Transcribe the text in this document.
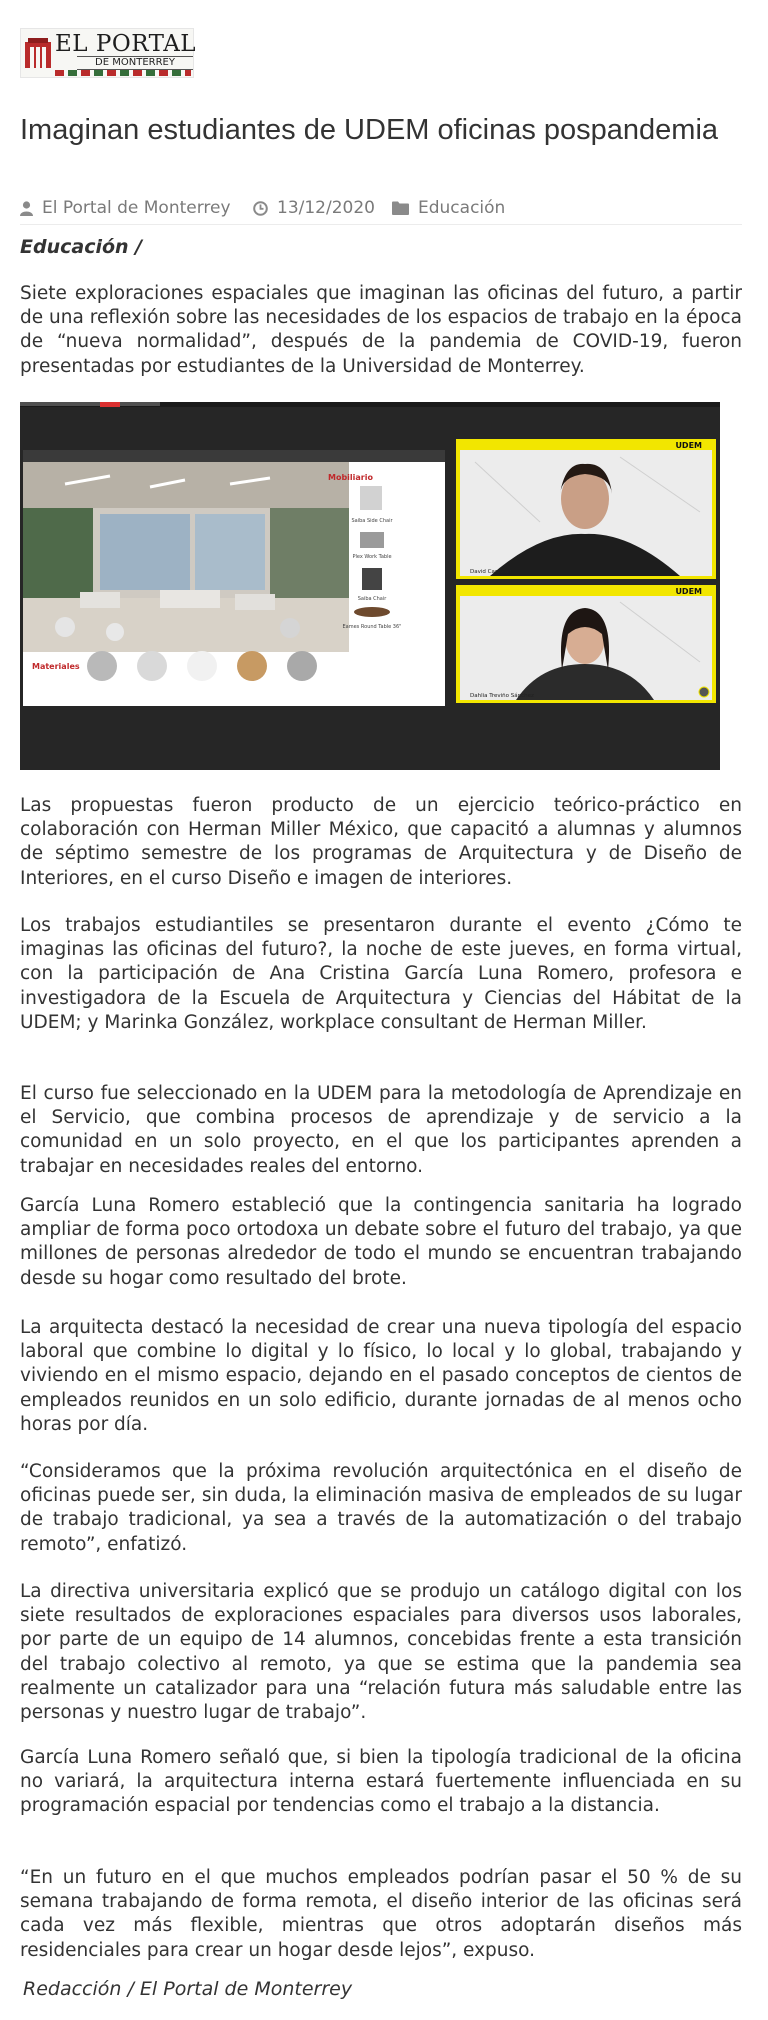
EL PORTAL
DE MONTERREY
Imaginan estudiantes de UDEM oficinas pospandemia
El Portal de Monterrey	13/12/2020	Educación

Educación /

Siete exploraciones espaciales que imaginan las oficinas del futuro, a partir de una reflexión sobre las necesidades de los espacios de trabajo en la época de “nueva normalidad”, después de la pandemia de COVID-19, fueron presentadas por estudiantes de la Universidad de Monterrey.

Mobiliario
Saiba Side Chair
Plex Work Table
Saiba Chair
Eames Round Table 36"
Materiales
UDEM
David Castelan
UDEM
Dahlia Treviño Sánchez

Las propuestas fueron producto de un ejercicio teórico-práctico en colaboración con Herman Miller México, que capacitó a alumnas y alumnos de séptimo semestre de los programas de Arquitectura y de Diseño de Interiores, en el curso Diseño e imagen de interiores.

Los trabajos estudiantiles se presentaron durante el evento ¿Cómo te imaginas las oficinas del futuro?, la noche de este jueves, en forma virtual, con la participación de Ana Cristina García Luna Romero, profesora e investigadora de la Escuela de Arquitectura y Ciencias del Hábitat de la UDEM; y Marinka González, workplace consultant de Herman Miller.

El curso fue seleccionado en la UDEM para la metodología de Aprendizaje en el Servicio, que combina procesos de aprendizaje y de servicio a la comunidad en un solo proyecto, en el que los participantes aprenden a trabajar en necesidades reales del entorno.

García Luna Romero estableció que la contingencia sanitaria ha logrado ampliar de forma poco ortodoxa un debate sobre el futuro del trabajo, ya que millones de personas alrededor de todo el mundo se encuentran trabajando desde su hogar como resultado del brote.

La arquitecta destacó la necesidad de crear una nueva tipología del espacio laboral que combine lo digital y lo físico, lo local y lo global, trabajando y viviendo en el mismo espacio, dejando en el pasado conceptos de cientos de empleados reunidos en un solo edificio, durante jornadas de al menos ocho horas por día.

“Consideramos que la próxima revolución arquitectónica en el diseño de oficinas puede ser, sin duda, la eliminación masiva de empleados de su lugar de trabajo tradicional, ya sea a través de la automatización o del trabajo remoto”, enfatizó.

La directiva universitaria explicó que se produjo un catálogo digital con los siete resultados de exploraciones espaciales para diversos usos laborales, por parte de un equipo de 14 alumnos, concebidas frente a esta transición del trabajo colectivo al remoto, ya que se estima que la pandemia sea realmente un catalizador para una “relación futura más saludable entre las personas y nuestro lugar de trabajo”.

García Luna Romero señaló que, si bien la tipología tradicional de la oficina no variará, la arquitectura interna estará fuertemente influenciada en su programación espacial por tendencias como el trabajo a la distancia.

“En un futuro en el que muchos empleados podrían pasar el 50 % de su semana trabajando de forma remota, el diseño interior de las oficinas será cada vez más flexible, mientras que otros adoptarán diseños más residenciales para crear un hogar desde lejos”, expuso.

Redacción / El Portal de Monterrey
